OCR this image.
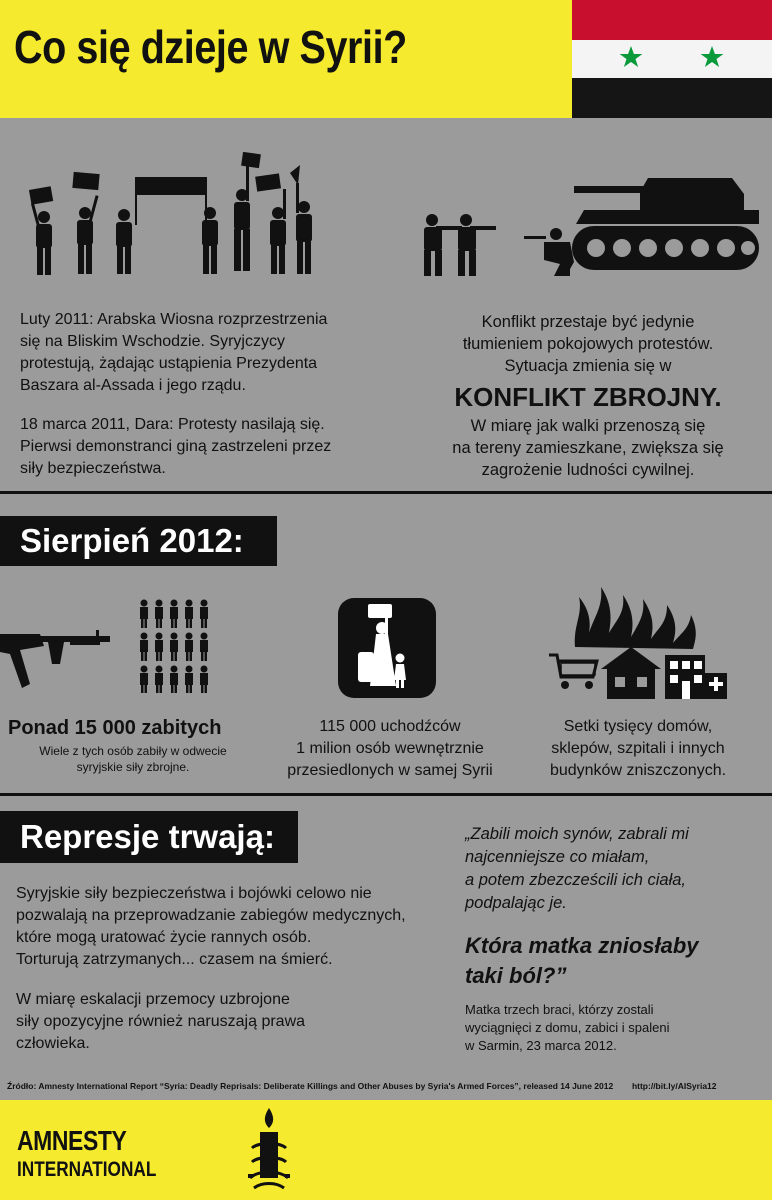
Co się dzieje w Syrii?
Luty 2011: Arabska Wiosna rozprzestrzenia
się na Bliskim Wschodzie. Syryjczycy
protestują, żądając ustąpienia Prezydenta
Baszara al-Assada i jego rządu.
18 marca 2011, Dara: Protesty nasilają się.
Pierwsi demonstranci giną zastrzeleni przez
siły bezpieczeństwa.
Konflikt przestaje być jedynie
tłumieniem pokojowych protestów.
Sytuacja zmienia się w
KONFLIKT ZBROJNY.
W miarę jak walki przenoszą się
na tereny zamieszkane, zwiększa się
zagrożenie ludności cywilnej.
Sierpień 2012:
Ponad 15 000 zabitych
Wiele z tych osób zabiły w odwecie
syryjskie siły zbrojne.
115 000 uchodźców
1 milion osób wewnętrznie
przesiedlonych w samej Syrii
Setki tysięcy domów,
sklepów, szpitali i innych
budynków zniszczonych.
Represje trwają:
Syryjskie siły bezpieczeństwa i bojówki celowo nie
pozwalają na przeprowadzanie zabiegów medycznych,
które mogą uratować życie rannych osób.
Torturują zatrzymanych... czasem na śmierć.
W miarę eskalacji przemocy uzbrojone
siły opozycyjne również naruszają prawa
człowieka.
„Zabili moich synów, zabrali mi
najcenniejsze co miałam,
a potem zbezcześcili ich ciała,
podpalając je.
Która matka zniosłaby
taki ból?”
Matka trzech braci, którzy zostali
wyciągnięci z domu, zabici i spaleni
w Sarmin, 23 marca 2012.
Źródło: Amnesty International Report “Syria: Deadly Reprisals: Deliberate Killings and Other Abuses by Syria's Armed Forces”, released 14 June 2012 http://bit.ly/AISyria12
AMNESTY
INTERNATIONAL
